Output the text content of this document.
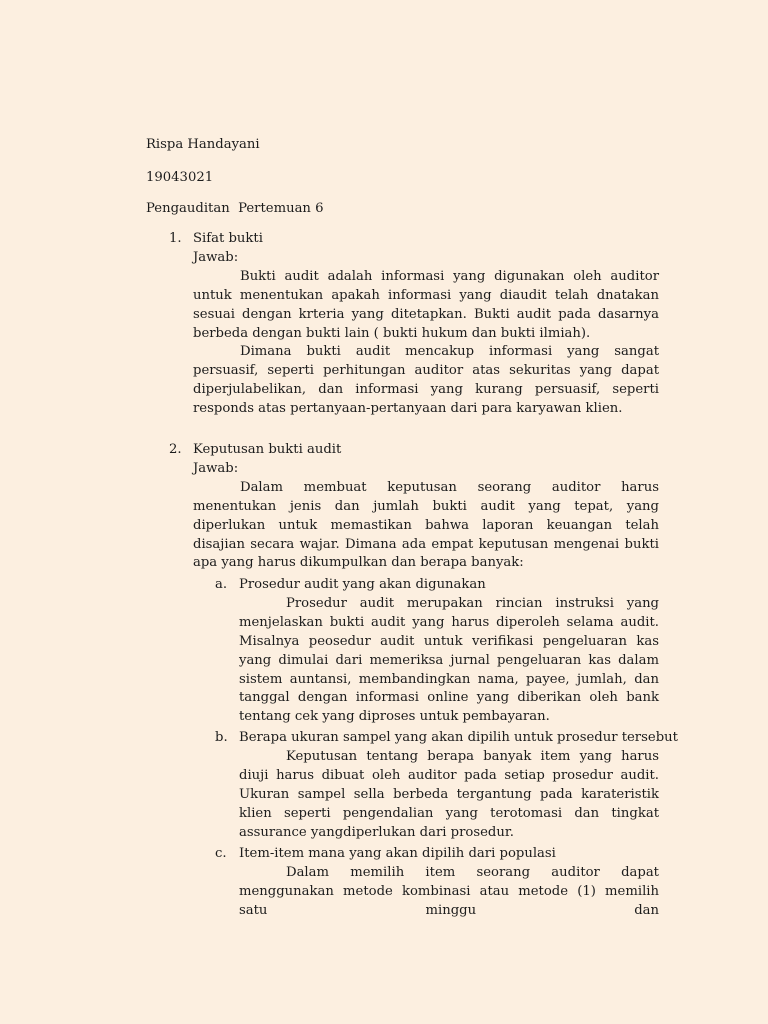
Rispa Handayani

19043021

Pengauditan  Pertemuan 6

1. Sifat bukti
Jawab:

Bukti audit adalah informasi yang digunakan oleh auditor untuk menentukan apakah informasi yang diaudit telah dnatakan sesuai dengan krteria yang ditetapkan. Bukti audit pada dasarnya berbeda dengan bukti lain ( bukti hukum dan bukti ilmiah).

Dimana bukti audit mencakup informasi yang sangat persuasif, seperti perhitungan auditor atas sekuritas yang dapat diperjulabelikan, dan informasi yang kurang persuasif, seperti responds atas pertanyaan-pertanyaan dari para karyawan klien.

2. Keputusan bukti audit
Jawab:

Dalam membuat keputusan seorang auditor harus menentukan jenis dan jumlah bukti audit yang tepat, yang diperlukan untuk memastikan bahwa laporan keuangan telah disajian secara wajar. Dimana ada empat keputusan mengenai bukti apa yang harus dikumpulkan dan berapa banyak:

a. Prosedur audit yang akan digunakan

Prosedur audit merupakan rincian instruksi yang menjelaskan bukti audit yang harus diperoleh selama audit. Misalnya peosedur audit untuk verifikasi pengeluaran kas yang dimulai dari memeriksa jurnal pengeluaran kas dalam sistem auntansi, membandingkan nama, payee, jumlah, dan tanggal dengan informasi online yang diberikan oleh bank tentang cek yang diproses untuk pembayaran.

b. Berapa ukuran sampel yang akan dipilih untuk prosedur tersebut

Keputusan tentang berapa banyak item yang harus diuji harus dibuat oleh auditor pada setiap prosedur audit. Ukuran sampel sella berbeda tergantung pada karateristik klien seperti pengendalian yang terotomasi dan tingkat assurance yangdiperlukan dari prosedur.

c. Item-item mana yang akan dipilih dari populasi

Dalam memilih item seorang auditor dapat menggunakan metode kombinasi atau metode (1) memilih satu minggu dan
